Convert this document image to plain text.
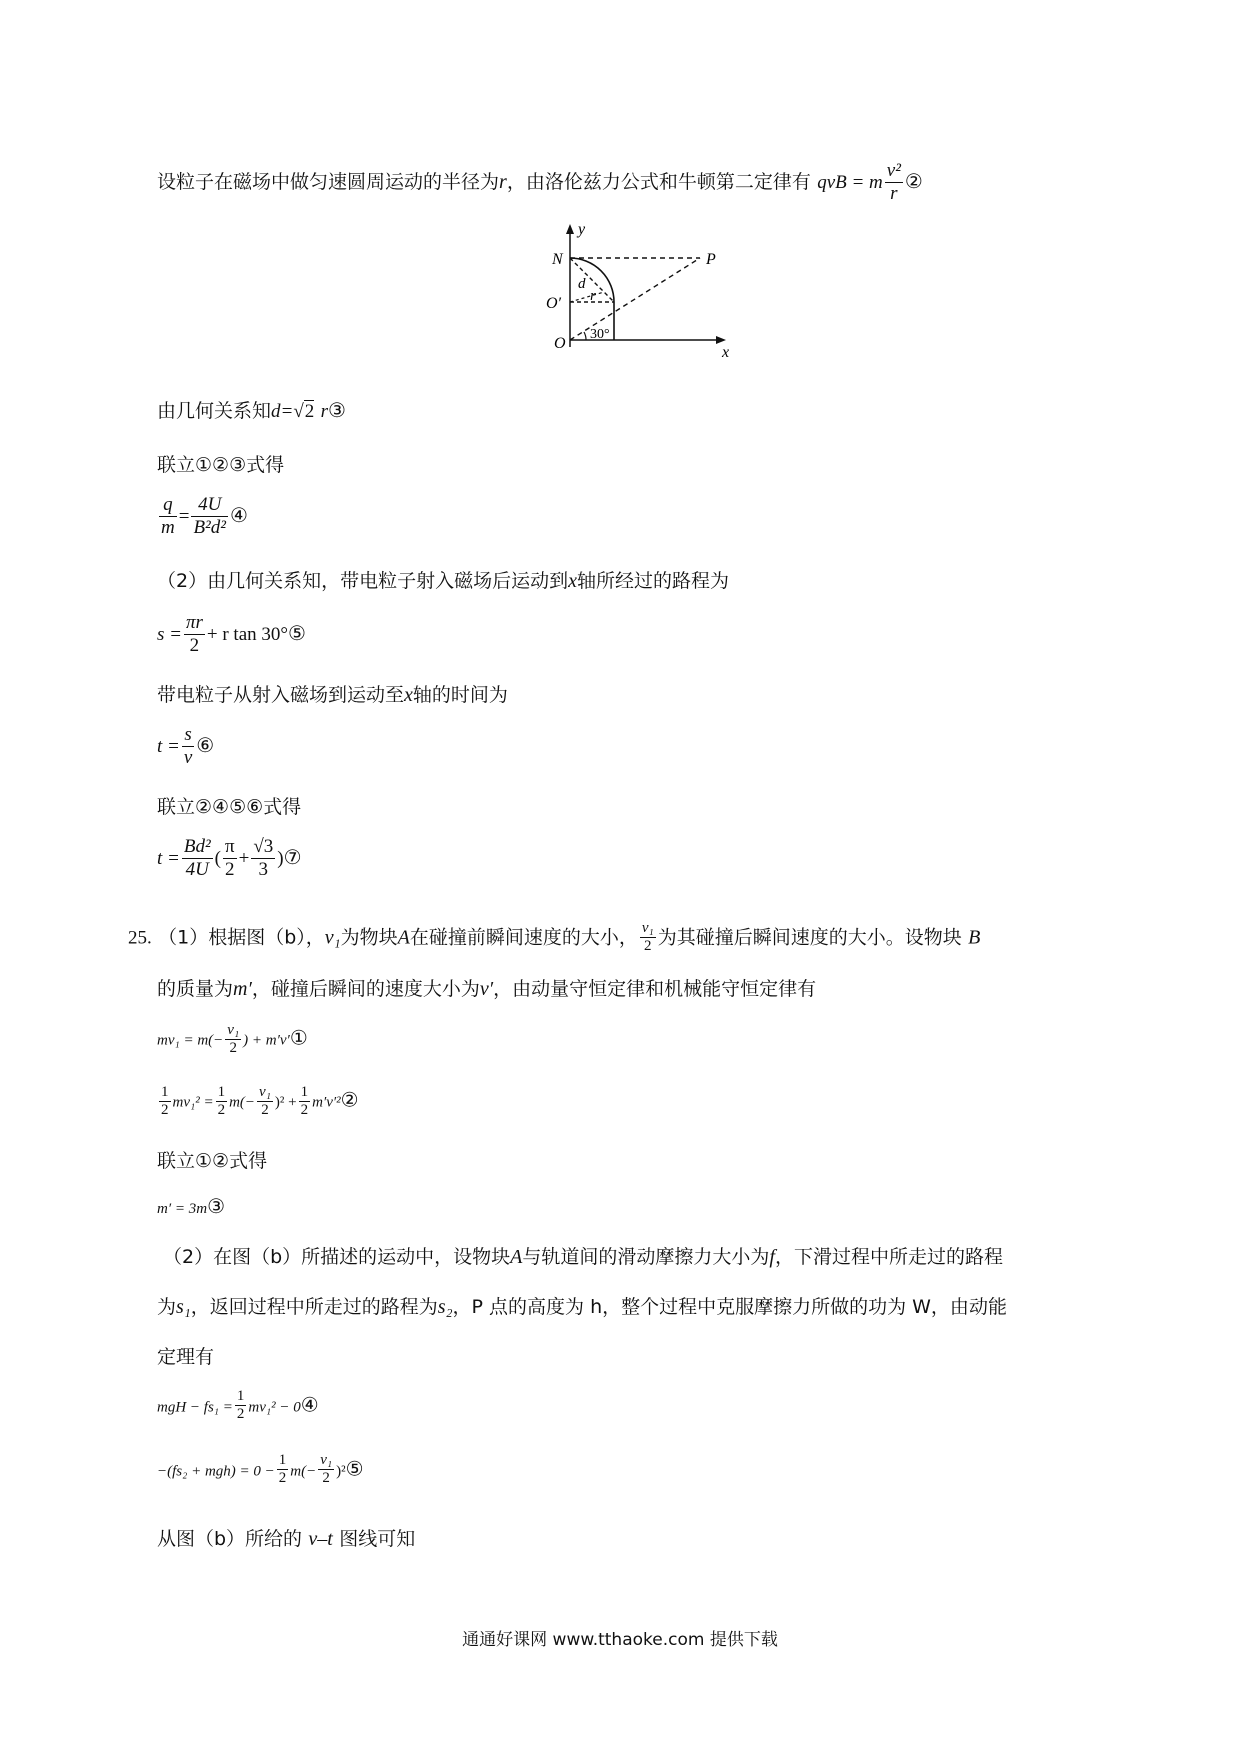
设粒子在磁场中做匀速圆周运动的半径为r，由洛伦兹力公式和牛顿第二定律有 qvB = m $\frac{\text{v²}}{r}$ ②
y
x
N	P
O′
O
d
r
30°
由几何关系知d=√2 r③
联立①②③式得
$\frac{q}{m} = \frac{4U}{\text{B²d²}}$ ④
（2）由几何关系知，带电粒子射入磁场后运动到x轴所经过的路程为
$s = \frac{\pi r}{2} + r$ tan 30°⑤
带电粒子从射入磁场到运动至x轴的时间为
$t = \frac{s}{v}$ ⑥
联立②④⑤⑥式得
$t = \frac{\text{Bd²}}{4U}$ ( $\frac{\pi}{2} + \frac{√3}{3}$ )⑦
25. （1）根据图（b），v₁为物块A在碰撞前瞬间速度的大小， $\frac{\text{v₁}}{2}$ 为其碰撞后瞬间速度的大小。设物块 B
的质量为m′，碰撞后瞬间的速度大小为v′，由动量守恒定律和机械能守恒定律有
$mv_1 = m(- \frac{\text{v₁}}{2}$ ) + m′v′①
$\frac{1}{2} mv_1^2 = \frac{1}{2} m(- \frac{\text{v₁}}{2} )^2 + \frac{1}{2}$ m′v′²②
联立①②式得
m′ = 3m③
（2）在图（b）所描述的运动中，设物块A与轨道间的滑动摩擦力大小为f，下滑过程中所走过的路程
为s₁，返回过程中所走过的路程为s₂，P 点的高度为 h，整个过程中克服摩擦力所做的功为 W，由动能
定理有
mgH − $fs_1 = \frac{1}{2} mv_1^2$ − 0④
$-(fs_2 + mgh) = 0 - \frac{1}{2} m(- \frac{\text{v₁}}{2}$ )²⑤
从图（b）所给的 v–t 图线可知
通通好课网 www.tthaoke.com 提供下载
